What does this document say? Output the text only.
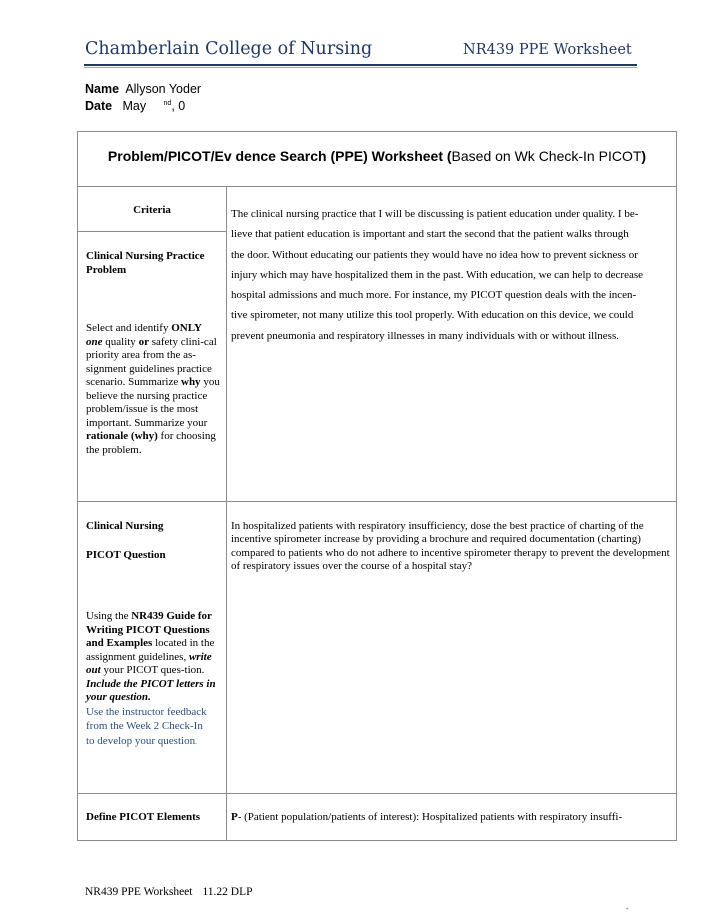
Chamberlain College of Nursing	NR439 PPE Worksheet
Name Allyson Yoder
Date May $^{nd}$, 0
Problem/PICOT/Ev dence Search (PPE) Worksheet (Based on Wk Check-In PICOT)
Criteria
Clinical Nursing Practice Problem
Select and identify ONLY
one quality or safety clini-cal priority area from the as-signment guidelines practice scenario. Summarize why you believe the nursing practice problem/issue is the most important. Summarize your rationale (why) for choosing the problem.
The clinical nursing practice that I will be discussing is patient education under quality. I be-
lieve that patient education is important and start the second that the patient walks through
the door. Without educating our patients they would have no idea how to prevent sickness or
injury which may have hospitalized them in the past. With education, we can help to decrease
hospital admissions and much more. For instance, my PICOT question deals with the incen-
tive spirometer, not many utilize this tool properly. With education on this device, we could
prevent pneumonia and respiratory illnesses in many individuals with or without illness.
Clinical Nursing
PICOT Question
Using the NR439 Guide for Writing PICOT Questions and Examples located in the assignment guidelines, write out your PICOT ques-tion. Include the PICOT letters in your question.
Use the instructor feedback
from the Week 2 Check-In
to develop your question.
In hospitalized patients with respiratory insufficiency, dose the best practice of charting of the incentive spirometer increase by providing a brochure and required documentation (charting) compared to patients who do not adhere to incentive spirometer therapy to prevent the development of respiratory issues over the course of a hospital stay?
Define PICOT Elements	P- (Patient population/patients of interest): Hospitalized patients with respiratory insuffi-
NR439 PPE Worksheet 11.22 DLP
*
